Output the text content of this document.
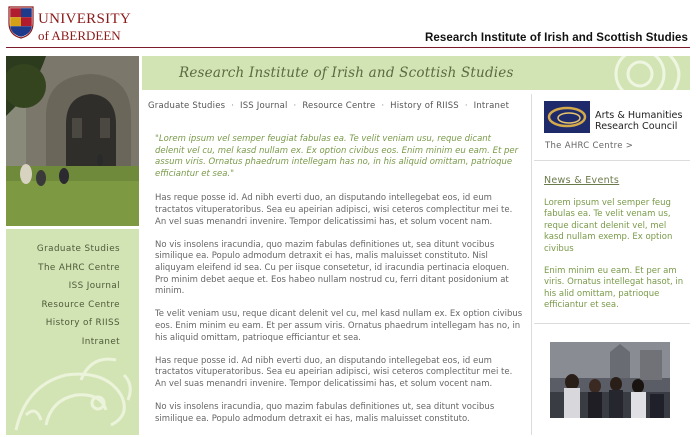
UNIVERSITY
of ABERDEEN	Research Institute of Irish and Scottish Studies
Graduate Studies
The AHRC Centre
ISS Journal
Resource Centre
History of RIISS
Intranet
Research Institute of Irish and Scottish Studies
Graduate Studies · ISS Journal · Resource Centre · History of RIISS · Intranet

"Lorem ipsum vel semper feugiat fabulas ea. Te velit veniam usu, reque dicant delenit vel cu, mel kasd nullam ex. Ex option civibus eos. Enim minim eu eam. Et per assum viris. Ornatus phaedrum intellegam has no, in his aliquid omittam, patrioque efficiantur et sea."

Has reque posse id. Ad nibh everti duo, an disputando intellegebat eos, id eum tractatos vituperatoribus. Sea eu apeirian adipisci, wisi ceteros complectitur mei te. An vel suas menandri invenire. Tempor delicatissimi has, et solum vocent nam.

No vis insolens iracundia, quo mazim fabulas definitiones ut, sea ditunt vocibus similique ea. Populo admodum detraxit ei has, malis maluisset constituto. Nisl aliquyam eleifend id sea. Cu per iisque consetetur, id iracundia pertinacia eloquen. Pro minim debet aeque et. Eos habeo nullam nostrud cu, ferri ditant posidonium at minim.

Te velit veniam usu, reque dicant delenit vel cu, mel kasd nullam ex. Ex option civibus eos. Enim minim eu eam. Et per assum viris. Ornatus phaedrum intellegam has no, in his aliquid omittam, patrioque efficiantur et sea.

Has reque posse id. Ad nibh everti duo, an disputando intellegebat eos, id eum tractatos vituperatoribus. Sea eu apeirian adipisci, wisi ceteros complectitur mei te. An vel suas menandri invenire. Tempor delicatissimi has, et solum vocent nam.

No vis insolens iracundia, quo mazim fabulas definitiones ut, sea ditunt vocibus similique ea. Populo admodum detraxit ei has, malis maluisset constituto.

Arts & Humanities
Research Council
The AHRC Centre >
News & Events

Lorem ipsum vel semper feug fabulas ea. Te velit venam us, reque dicant delenit vel, mel kasd nullam exemp. Ex option civibus

Enim minim eu eam. Et per am viris. Ornatus intellegat hasot, in his alid omittam, patrioque efficiantur et sea.
